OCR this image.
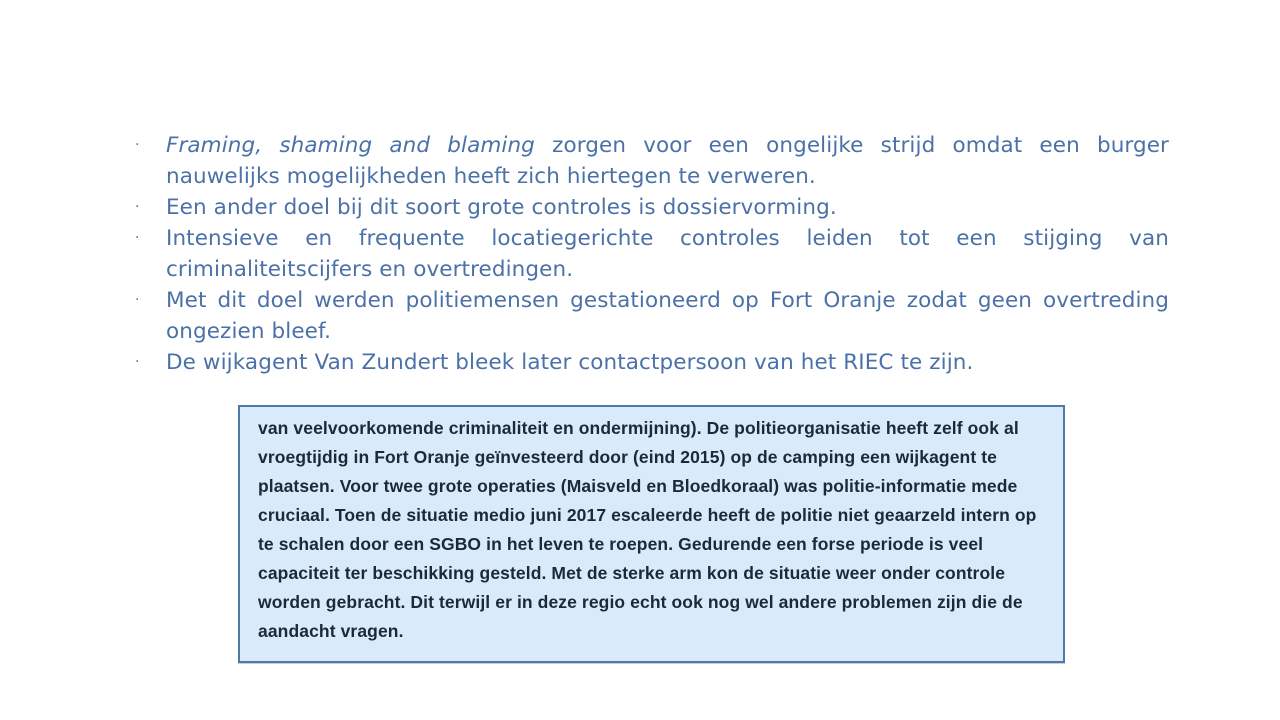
·	Framing, shaming and blaming zorgen voor een ongelijke strijd omdat een burger nauwelijks mogelijkheden heeft zich hiertegen te verweren.

·	Een ander doel bij dit soort grote controles is dossiervorming.

·	Intensieve en frequente locatiegerichte controles leiden tot een stijging van criminaliteitscijfers en overtredingen.

·	Met dit doel werden politiemensen gestationeerd op Fort Oranje zodat geen overtreding ongezien bleef.

·	De wijkagent Van Zundert bleek later contactpersoon van het RIEC te zijn.

van veelvoorkomende criminaliteit en ondermijning). De politieorganisatie heeft zelf ook al vroegtijdig in Fort Oranje geïnvesteerd door (eind 2015) op de camping een wijkagent te plaatsen. Voor twee grote operaties (Maisveld en Bloedkoraal) was politie-informatie mede cruciaal. Toen de situatie medio juni 2017 escaleerde heeft de politie niet geaarzeld intern op te schalen door een SGBO in het leven te roepen. Gedurende een forse periode is veel capaciteit ter beschikking gesteld. Met de sterke arm kon de situatie weer onder controle worden gebracht. Dit terwijl er in deze regio echt ook nog wel andere problemen zijn die de aandacht vragen.
